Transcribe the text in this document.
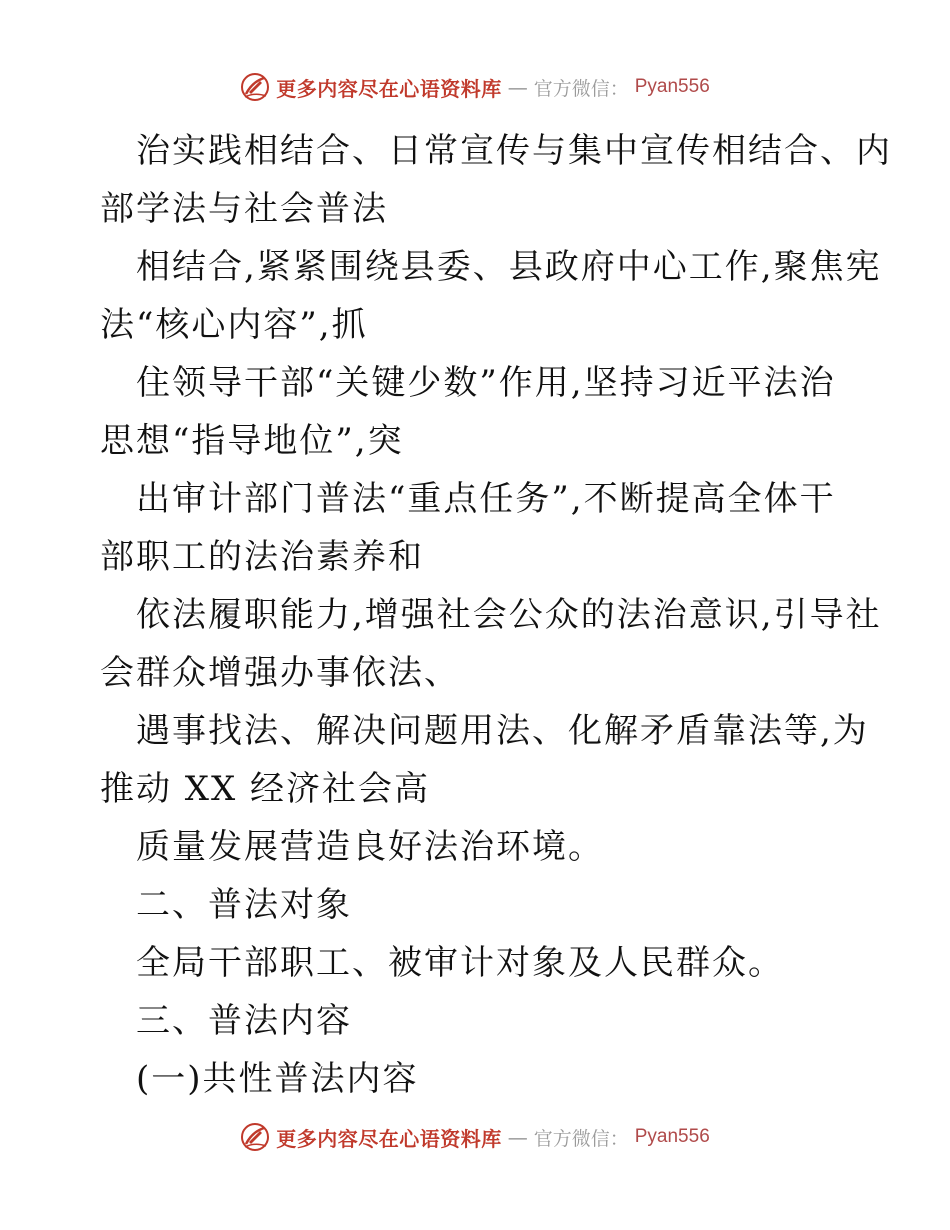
更多内容尽在心语资料库 — 官方微信： Pyan556

治实践相结合、日常宣传与集中宣传相结合、内

部学法与社会普法

相结合,紧紧围绕县委、县政府中心工作,聚焦宪

法“核心内容”,抓

住领导干部“关键少数”作用,坚持习近平法治

思想“指导地位”,突

出审计部门普法“重点任务”,不断提高全体干

部职工的法治素养和

依法履职能力,增强社会公众的法治意识,引导社

会群众增强办事依法、

遇事找法、解决问题用法、化解矛盾靠法等,为

推动 XX 经济社会高

质量发展营造良好法治环境。

二、普法对象

全局干部职工、被审计对象及人民群众。

三、普法内容

(一)共性普法内容

更多内容尽在心语资料库 — 官方微信： Pyan556
